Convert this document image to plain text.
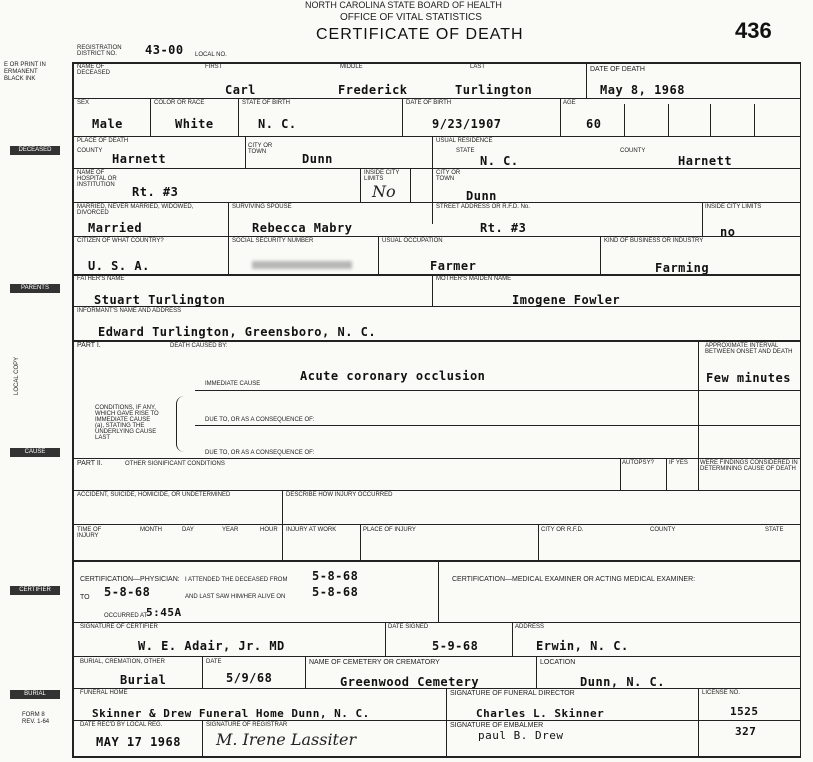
NORTH CAROLINA STATE BOARD OF HEALTH
OFFICE OF VITAL STATISTICS
CERTIFICATE OF DEATH	436
REGISTRATION DISTRICT NO.	43-00 LOCAL NO.
E OR PRINT IN ERMANENT BLACK INK
DECEASED
PARENTS
LOCAL COPY
CAUSE
CERTIFIER
BURIAL
FORM 8 REV. 1-64
NAME OF DECEASED
FIRST	MIDDLE	LAST
Carl	Frederick	Turlington
DATE OF DEATH
May 8, 1968
SEX
Male
COLOR OR RACE
White
STATE OF BIRTH
N. C.
DATE OF BIRTH
9/23/1907
AGE
60
PLACE OF DEATH
COUNTY
Harnett
CITY OR TOWN	Dunn
USUAL RESIDENCE
STATE
N. C.
COUNTY
Harnett
NAME OF HOSPITAL OR INSTITUTION	Rt. #3
INSIDE CITY LIMITS
No
CITY OR TOWN
Dunn
MARRIED, NEVER MARRIED, WIDOWED, DIVORCED
Married
SURVIVING SPOUSE
Rebecca Mabry
STREET ADDRESS OR R.F.D. No.
Rt. #3
INSIDE CITY LIMITS
no
CITIZEN OF WHAT COUNTRY?
U. S. A.
SOCIAL SECURITY NUMBER	USUAL OCCUPATION
Farmer
KIND OF BUSINESS OR INDUSTRY
Farming
FATHER'S NAME
Stuart Turlington
MOTHER'S MAIDEN NAME
Imogene Fowler
INFORMANT'S NAME AND ADDRESS
Edward Turlington, Greensboro, N. C.
PART I.	DEATH CAUSED BY:	APPROXIMATE INTERVAL BETWEEN ONSET AND DEATH
IMMEDIATE CAUSE
Acute coronary occlusion	Few minutes
CONDITIONS, IF ANY, WHICH GAVE RISE TO IMMEDIATE CAUSE (a), STATING THE UNDERLYING CAUSE LAST
DUE TO, OR AS A CONSEQUENCE OF:
DUE TO, OR AS A CONSEQUENCE OF:
PART II.	OTHER SIGNIFICANT CONDITIONS	AUTOPSY?	IF YES WERE FINDINGS CONSIDERED IN DETERMINING CAUSE OF DEATH
ACCIDENT, SUICIDE, HOMICIDE, OR UNDETERMINED	DESCRIBE HOW INJURY OCCURRED
TIME OF INJURY
MONTH	DAY	YEAR	HOUR INJURY AT WORK	PLACE OF INJURY	CITY OR R.F.D.	COUNTY	STATE
CERTIFICATION—PHYSICIAN: I ATTENDED THE DECEASED FROM 5-8-68
TO 5-8-68	AND LAST SAW HIM/HER ALIVE ON 5-8-68
OCCURRED AT
5:45A
CERTIFICATION—MEDICAL EXAMINER OR ACTING MEDICAL EXAMINER:
SIGNATURE OF CERTIFIER
W. E. Adair, Jr. MD
DATE SIGNED
5-9-68
ADDRESS
Erwin, N. C.
BURIAL, CREMATION, OTHER
Burial
DATE
5/9/68
NAME OF CEMETERY OR CREMATORY
Greenwood Cemetery
LOCATION
Dunn, N. C.
FUNERAL HOME
Skinner & Drew Funeral Home Dunn, N. C.
SIGNATURE OF FUNERAL DIRECTOR
Charles L. Skinner
LICENSE NO.
1525
DATE REC'D BY LOCAL REG.
MAY 17 1968
SIGNATURE OF REGISTRAR
M. Irene Lassiter
SIGNATURE OF EMBALMER
paul B. Drew	327
